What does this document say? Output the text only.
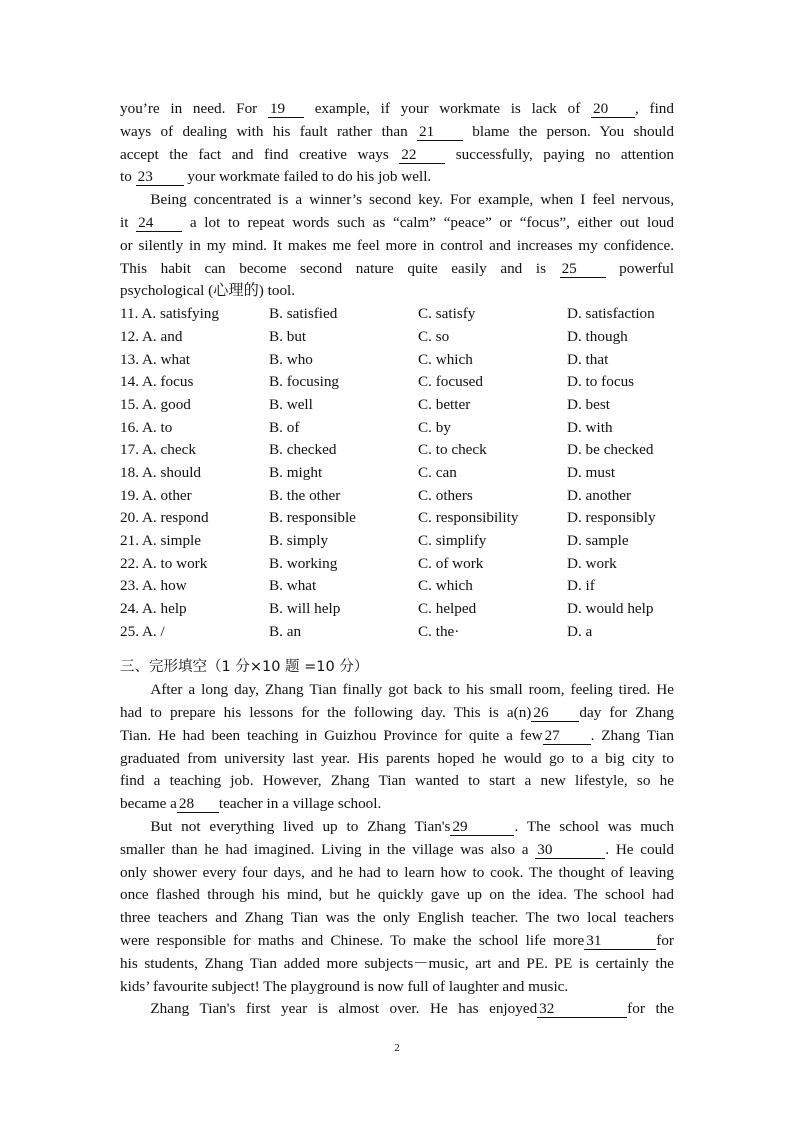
you’re in need. For 19 example, if your workmate is lack of 20 , find

ways of dealing with his fault rather than 21 blame the person. You should

accept the fact and find creative ways 22 successfully, paying no attention

to 23 your workmate failed to do his job well.

Being concentrated is a winner’s second key. For example, when I feel nervous,

it 24 a lot to repeat words such as “calm” “peace” or “focus”, either out loud

or silently in my mind. It makes me feel more in control and increases my confidence.

This habit can become second nature quite easily and is 25 powerful

psychological (心理的) tool.

11. A. satisfying	B. satisfied	C. satisfy	D. satisfaction
12. A. and	B. but	C. so	D. though
13. A. what	B. who	C. which	D. that
14. A. focus	B. focusing	C. focused	D. to focus
15. A. good	B. well	C. better	D. best
16. A. to	B. of	C. by	D. with
17. A. check	B. checked	C. to check	D. be checked
18. A. should	B. might	C. can	D. must
19. A. other	B. the other	C. others	D. another
20. A. respond	B. responsible	C. responsibility	D. responsibly
21. A. simple	B. simply	C. simplify	D. sample
22. A. to work	B. working	C. of work	D. work
23. A. how	B. what	C. which	D. if
24. A. help	B. will help	C. helped	D. would help
25. A. /	B. an	C. the·	D. a
三、完形填空（1 分×10 题 =10 分）

After a long day, Zhang Tian finally got back to his small room, feeling tired. He

had to prepare his lessons for the following day. This is a(n) 26 day for Zhang

Tian. He had been teaching in Guizhou Province for quite a few 27 . Zhang Tian

graduated from university last year. His parents hoped he would go to a big city to

find a teaching job. However, Zhang Tian wanted to start a new lifestyle, so he

became a 28 teacher in a village school.

But not everything lived up to Zhang Tian's 29	. The school was much

smaller than he had imagined. Living in the village was also a 30	. He could

only shower every four days, and he had to learn how to cook. The thought of leaving

once flashed through his mind, but he quickly gave up on the idea. The school had

three teachers and Zhang Tian was the only English teacher. The two local teachers

were responsible for maths and Chinese. To make the school life more 31	for

his students, Zhang Tian added more subjects－music, art and PE. PE is certainly the

kids’ favourite subject! The playground is now full of laughter and music.

Zhang Tian's first year is almost over. He has enjoyed 32	for the

2
